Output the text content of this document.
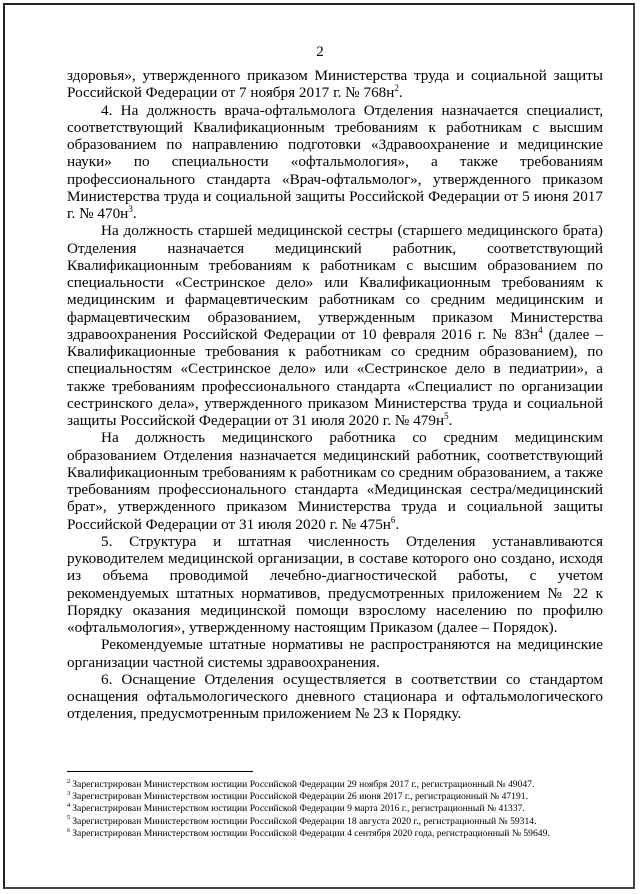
2

здоровья», утвержденного приказом Министерства труда и социальной защиты Российской Федерации от 7 ноября 2017 г. № $768н^2$.

4. На должность врача-офтальмолога Отделения назначается специалист, соответствующий Квалификационным требованиям к работникам с высшим образованием по направлению подготовки «Здравоохранение и медицинские науки» по специальности «офтальмология», а также требованиям профессионального стандарта «Врач-офтальмолог», утвержденного приказом Министерства труда и социальной защиты Российской Федерации от 5 июня 2017 г. № $470н^3$.

На должность старшей медицинской сестры (старшего медицинского брата) Отделения назначается медицинский работник, соответствующий Квалификационным требованиям к работникам с высшим образованием по специальности «Сестринское дело» или Квалификационным требованиям к медицинским и фармацевтическим работникам со средним медицинским и фармацевтическим образованием, утвержденным приказом Министерства здравоохранения Российской Федерации от 10 февраля 2016 г. № $83н^4$ (далее – Квалификационные требования к работникам со средним образованием), по специальностям «Сестринское дело» или «Сестринское дело в педиатрии», а также требованиям профессионального стандарта «Специалист по организации сестринского дела», утвержденного приказом Министерства труда и социальной защиты Российской Федерации от 31 июля 2020 г. № $479н^5$.

На должность медицинского работника со средним медицинским образованием Отделения назначается медицинский работник, соответствующий Квалификационным требованиям к работникам со средним образованием, а также требованиям профессионального стандарта «Медицинская сестра/медицинский брат», утвержденного приказом Министерства труда и социальной защиты Российской Федерации от 31 июля 2020 г. № $475н^6$.

5. Структура и штатная численность Отделения устанавливаются руководителем медицинской организации, в составе которого оно создано, исходя из объема проводимой лечебно-диагностической работы, с учетом рекомендуемых штатных нормативов, предусмотренных приложением № 22 к Порядку оказания медицинской помощи взрослому населению по профилю «офтальмология», утвержденному настоящим Приказом (далее – Порядок).

Рекомендуемые штатные нормативы не распространяются на медицинские организации частной системы здравоохранения.

6. Оснащение Отделения осуществляется в соответствии со стандартом оснащения офтальмологического дневного стационара и офтальмологического отделения, предусмотренным приложением № 23 к Порядку.

$^2$ Зарегистрирован Министерством юстиции Российской Федерации 29 ноября 2017 г., регистрационный № 49047.

$^3$ Зарегистрирован Министерством юстиции Российской Федерации 26 июня 2017 г., регистрационный № 47191.

$^4$ Зарегистрирован Министерством юстиции Российской Федерации 9 марта 2016 г., регистрационный № 41337.

$^5$ Зарегистрирован Министерством юстиции Российской Федерации 18 августа 2020 г., регистрационный № 59314.

$^6$ Зарегистрирован Министерством юстиции Российской Федерации 4 сентября 2020 года, регистрационный № 59649.
